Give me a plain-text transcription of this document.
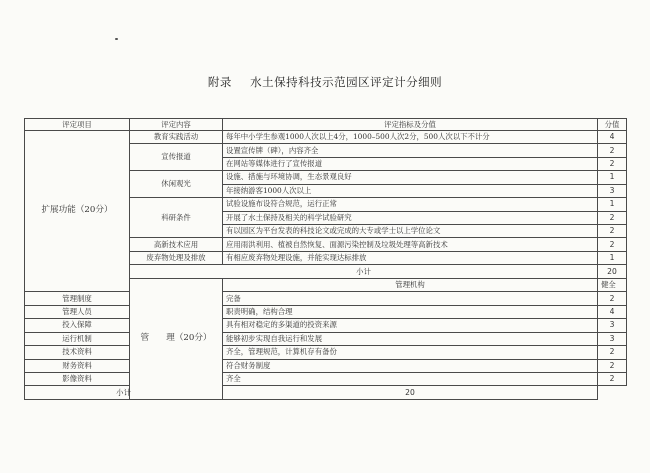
附录 水土保持科技示范园区评定计分细则
评定项目	评定内容	评定指标及分值	分值	
扩展功能（20分）	教育实践活动	每年中小学生参观1000人次以上4分，1000–500人次2分，500人次以下不计分	4	
	宣传报道	设置宣传牌（碑），内容齐全	2	
		在网站等媒体进行了宣传报道	2	
	休闲观光	设施、措施与环境协调，生态景观良好	1	
		年接纳游客1000人次以上	3	
	科研条件	试验设施布设符合规范，运行正常	1	
		开展了水土保持及相关的科学试验研究	2	
		有以园区为平台发表的科技论文或完成的大专或学士以上学位论文	2	
	高新技术应用	应用雨洪利用、植被自然恢复、面源污染控制及垃圾处理等高新技术	2	
	废弃物处理及排放	有相应废弃物处理设施，并能实现达标排放	1	
	小计		20	
	管　　理（20分）	管理机构	健全	
管理制度		完备	2	
管理人员		职责明确，结构合理	4	
投入保障		具有相对稳定的多渠道的投资来源	3	
运行机制		能够初步实现自我运行和发展	3	
技术资料		齐全，管理规范，计算机存有备份	2	
财务资料		符合财务制度	2	
影像资料		齐全	2	
小计		20		
